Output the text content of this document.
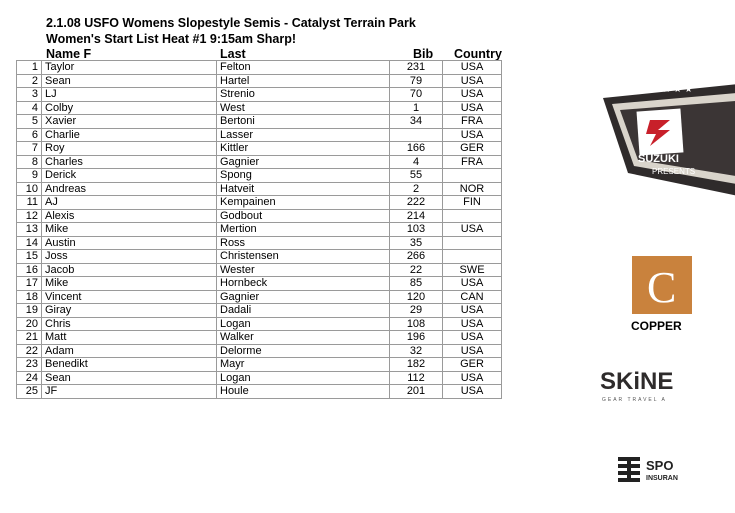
2.1.08 USFO Womens Slopestyle Semis - Catalyst Terrain Park
Women's Start List Heat #1 9:15am Sharp!
Name F	Last	Bib Country
1	Taylor	Felton	231	USA
2	Sean	Hartel	79	USA
3	LJ	Strenio	70	USA
4	Colby	West	1	USA
5	Xavier	Bertoni	34	FRA
6	Charlie	Lasser		USA
7	Roy	Kittler	166	GER
8	Charles	Gagnier	4	FRA
9	Derick	Spong	55	
10	Andreas	Hatveit	2	NOR
11	AJ	Kempainen	222	FIN
12	Alexis	Godbout	214	
13	Mike	Mertion	103	USA
14	Austin	Ross	35	
15	Joss	Christensen	266	
16	Jacob	Wester	22	SWE
17	Mike	Hornbeck	85	USA
18	Vincent	Gagnier	120	CAN
19	Giray	Dadali	29	USA
20	Chris	Logan	108	USA
21	Matt	Walker	196	USA
22	Adam	Delorme	32	USA
23	Benedikt	Mayr	182	GER
24	Sean	Logan	112	USA
25	JF	Houle	201	USA
★ ★ ★ ★ ★ ★ ★ ★
SUZUKI
PRESENTS
C
COPPER
SKiNE
GEAR TRAVEL A
SPO
INSURAN
